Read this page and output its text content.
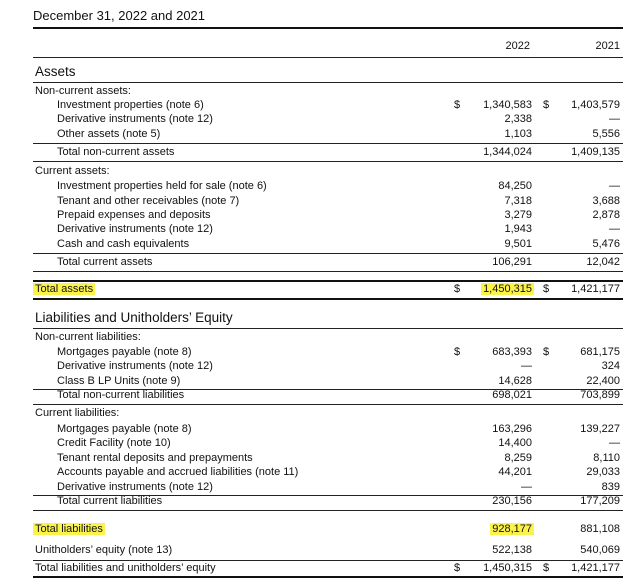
December 31, 2022 and 2021
2022	2021
Assets
Non-current assets:
Investment properties (note 6)	$	1,340,583 $	1,403,579
Derivative instruments (note 12)	2,338	—
Other assets (note 5)	1,103	5,556
Total non-current assets	1,344,024	1,409,135
Current assets:
Investment properties held for sale (note 6)	84,250	—
Tenant and other receivables (note 7)	7,318	3,688
Prepaid expenses and deposits	3,279	2,878
Derivative instruments (note 12)	1,943	—
Cash and cash equivalents	9,501	5,476
Total current assets	106,291	12,042
Total assets	$	1,450,315 $	1,421,177
Liabilities and Unitholders’ Equity
Non-current liabilities:
Mortgages payable (note 8)	$	683,393 $	681,175
Derivative instruments (note 12)	—	324
Class B LP Units (note 9)	14,628	22,400
Total non-current liabilities	698,021	703,899
Current liabilities:
Mortgages payable (note 8)	163,296	139,227
Credit Facility (note 10)	14,400	—
Tenant rental deposits and prepayments	8,259	8,110
Accounts payable and accrued liabilities (note 11)	44,201	29,033
Derivative instruments (note 12)	—	839
Total current liabilities	230,156	177,209
Total liabilities	928,177	881,108
Unitholders’ equity (note 13)	522,138	540,069
Total liabilities and unitholders’ equity	$	1,450,315 $	1,421,177
